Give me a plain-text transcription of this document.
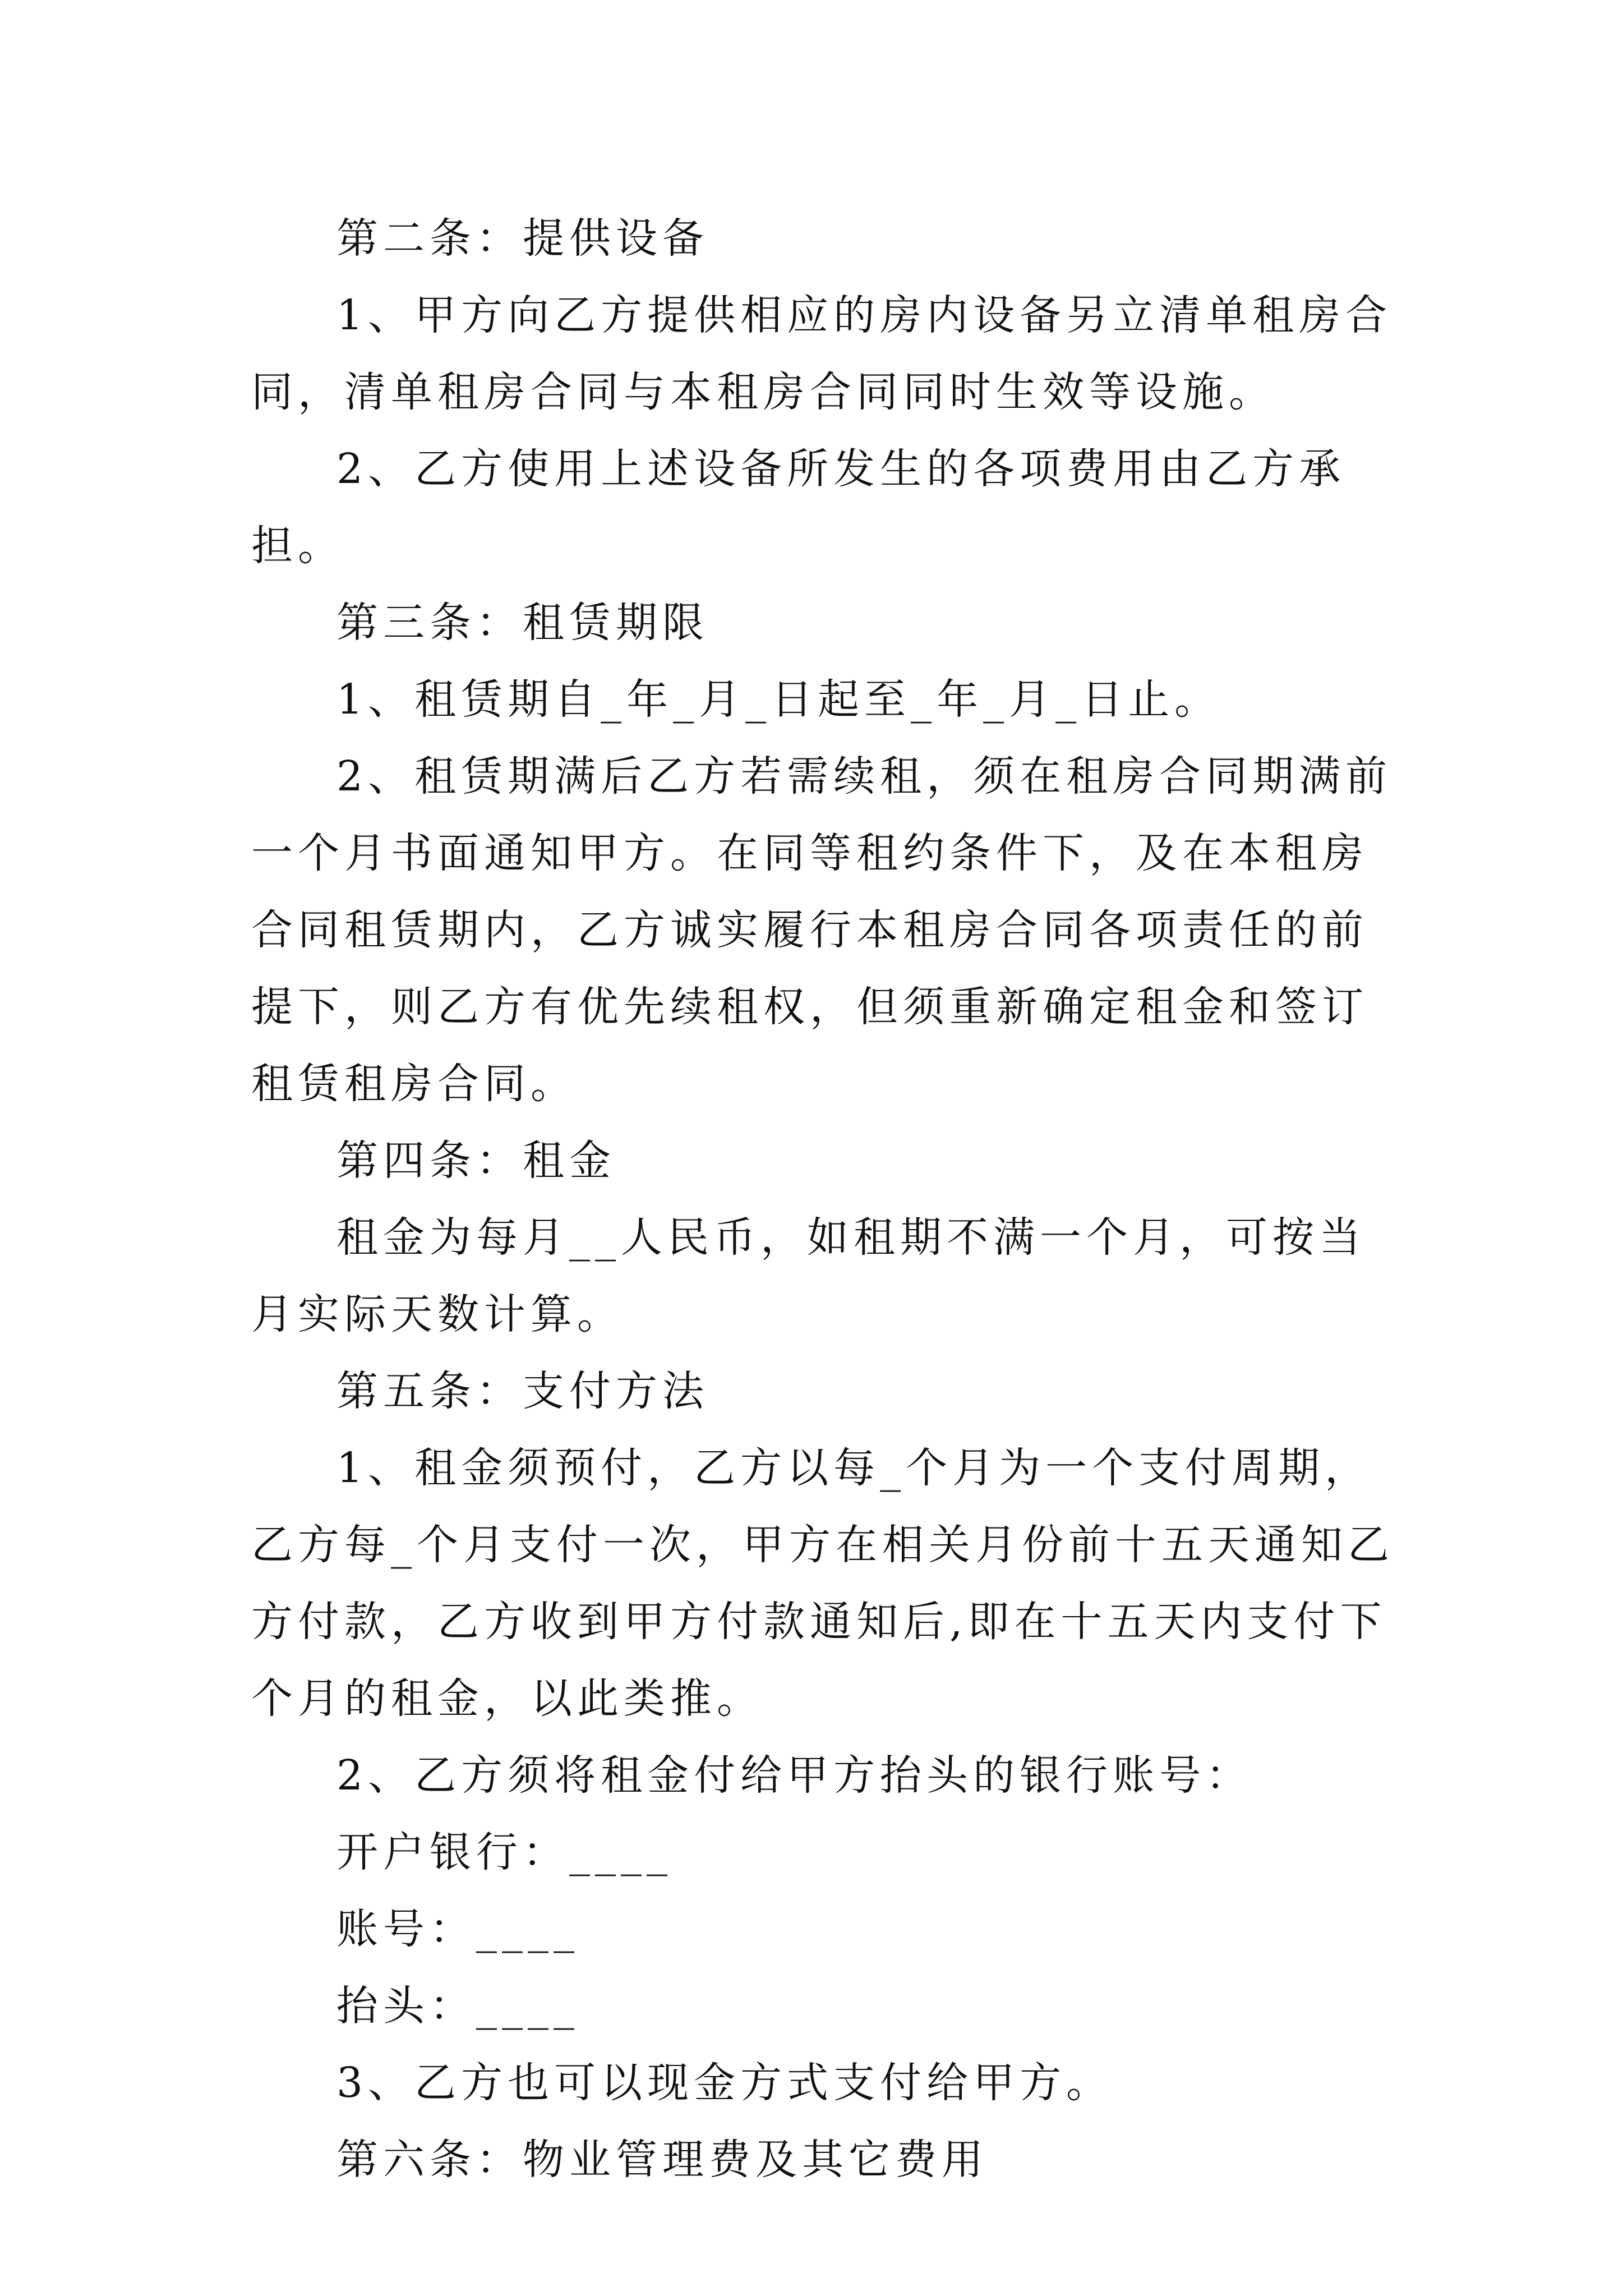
第二条：提供设备

1、甲方向乙方提供相应的房内设备另立清单租房合同，清单租房合同与本租房合同同时生效等设施。

2、乙方使用上述设备所发生的各项费用由乙方承担。

第三条：租赁期限

1、租赁期自_年_月_日起至_年_月_日止。

2、租赁期满后乙方若需续租，须在租房合同期满前一个月书面通知甲方。在同等租约条件下，及在本租房合同租赁期内，乙方诚实履行本租房合同各项责任的前提下，则乙方有优先续租权，但须重新确定租金和签订租赁租房合同。

第四条：租金

租金为每月__人民币，如租期不满一个月，可按当月实际天数计算。

第五条：支付方法

1、租金须预付，乙方以每_个月为一个支付周期，乙方每_个月支付一次，甲方在相关月份前十五天通知乙方付款，乙方收到甲方付款通知后,即在十五天内支付下个月的租金，以此类推。

2、乙方须将租金付给甲方抬头的银行账号：

开户银行：____

账号：____

抬头：____

3、乙方也可以现金方式支付给甲方。

第六条：物业管理费及其它费用
